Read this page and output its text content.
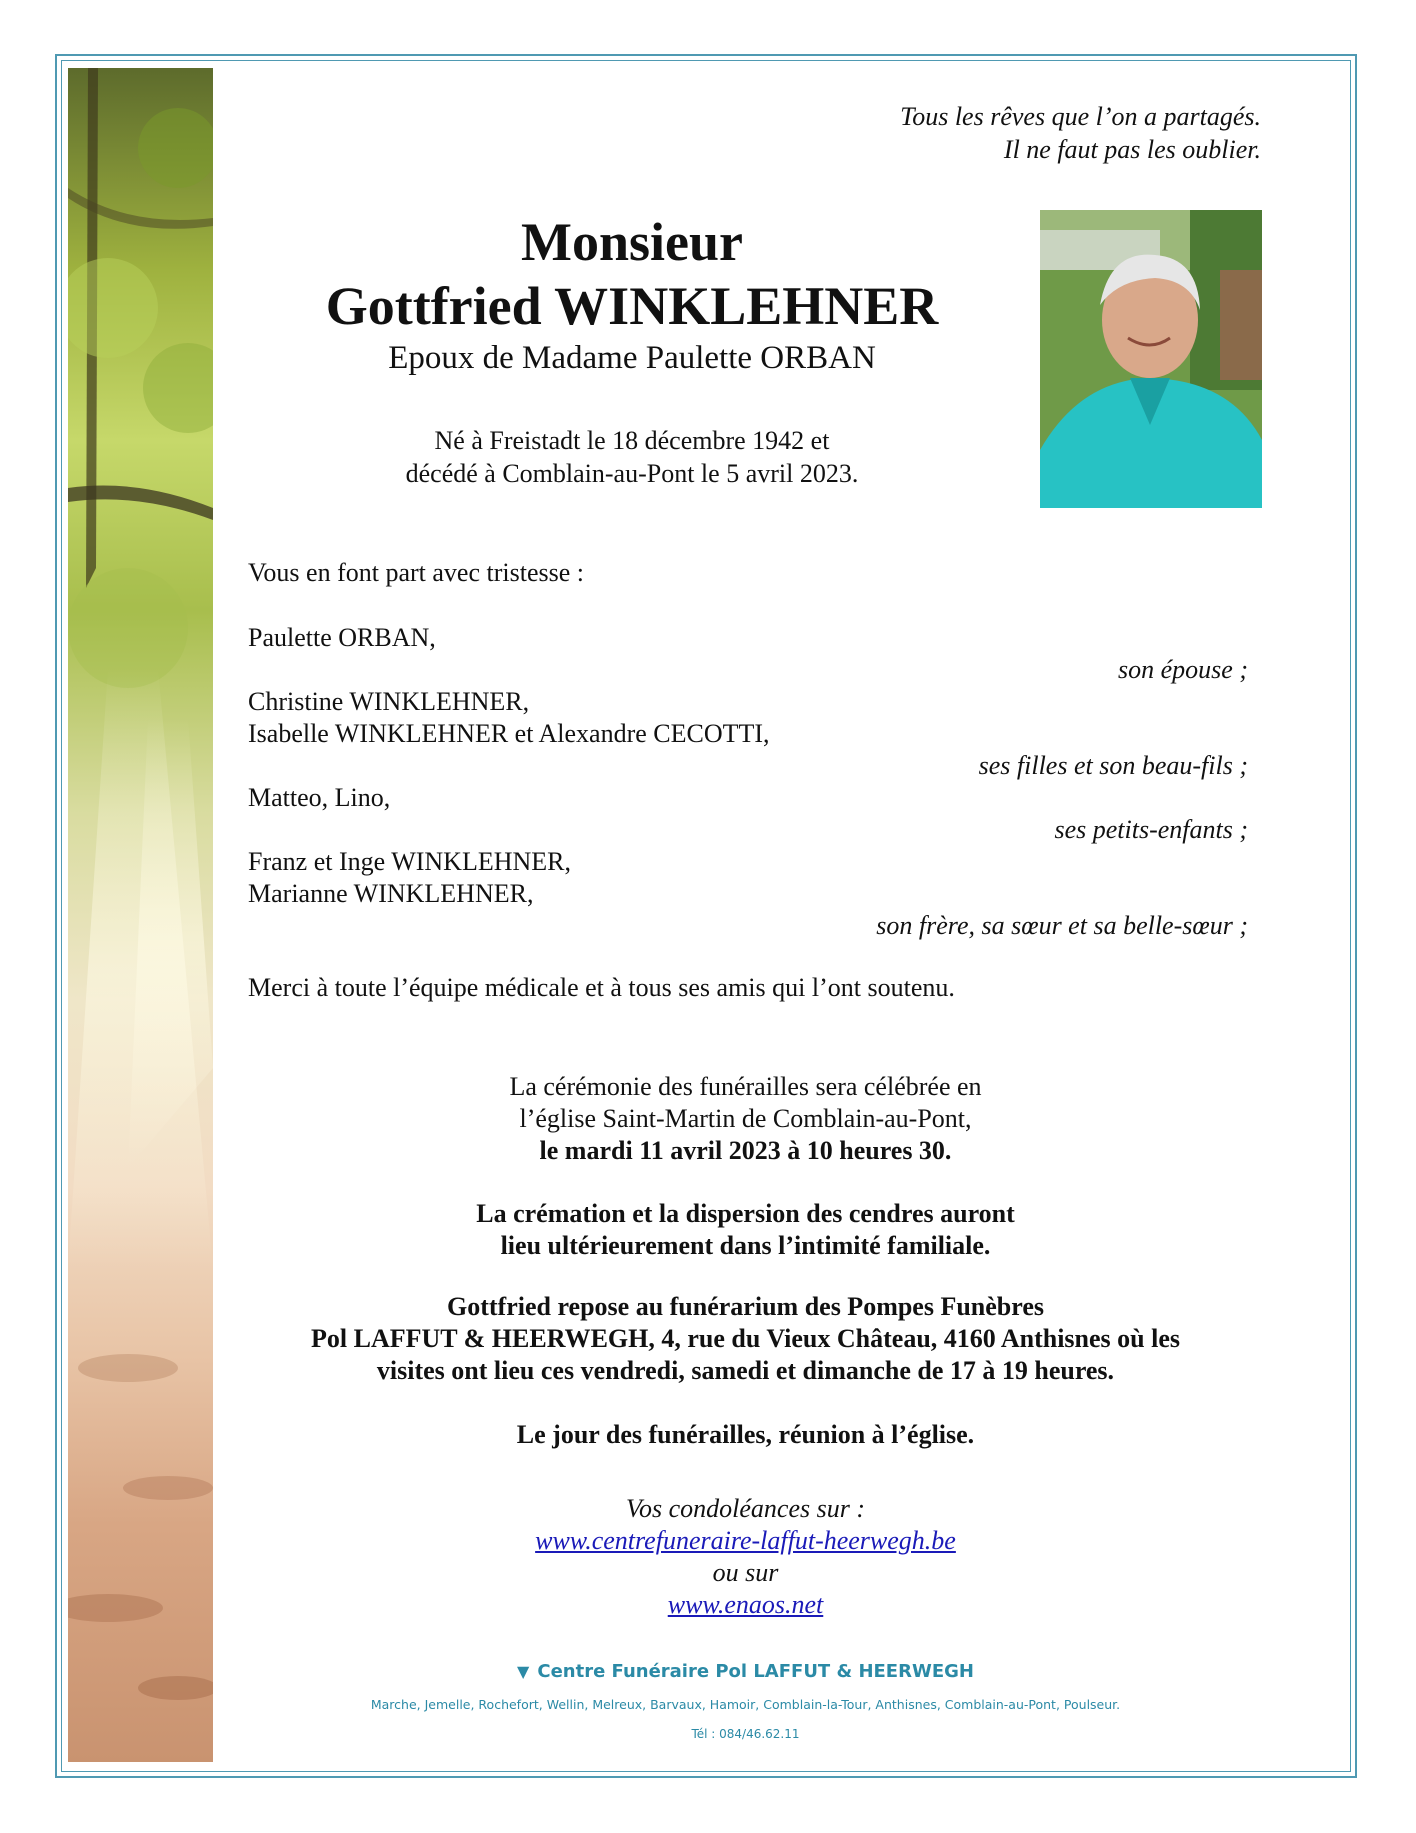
Tous les rêves que l’on a partagés.
Il ne faut pas les oublier.
Monsieur
Gottfried WINKLEHNER
Epoux de Madame Paulette ORBAN
Né à Freistadt le 18 décembre 1942 et
décédé à Comblain-au-Pont le 5 avril 2023.
Vous en font part avec tristesse :
Paulette ORBAN,
son épouse ;
Christine WINKLEHNER,
Isabelle WINKLEHNER et Alexandre CECOTTI,
ses filles et son beau-fils ;
Matteo, Lino,
ses petits-enfants ;
Franz et Inge WINKLEHNER,
Marianne WINKLEHNER,
son frère, sa sœur et sa belle-sœur ;
Merci à toute l’équipe médicale et à tous ses amis qui l’ont soutenu.
La cérémonie des funérailles sera célébrée en
l’église Saint-Martin de Comblain-au-Pont,
le mardi 11 avril 2023 à 10 heures 30.
La crémation et la dispersion des cendres auront
lieu ultérieurement dans l’intimité familiale.
Gottfried repose au funérarium des Pompes Funèbres
Pol LAFFUT & HEERWEGH, 4, rue du Vieux Château, 4160 Anthisnes où les
visites ont lieu ces vendredi, samedi et dimanche de 17 à 19 heures.
Le jour des funérailles, réunion à l’église.
Vos condoléances sur :
www.centrefuneraire-laffut-heerwegh.be
ou sur
www.enaos.net
▼ Centre Funéraire Pol LAFFUT & HEERWEGH
Marche, Jemelle, Rochefort, Wellin, Melreux, Barvaux, Hamoir, Comblain-la-Tour, Anthisnes, Comblain-au-Pont, Poulseur.
Tél : 084/46.62.11
